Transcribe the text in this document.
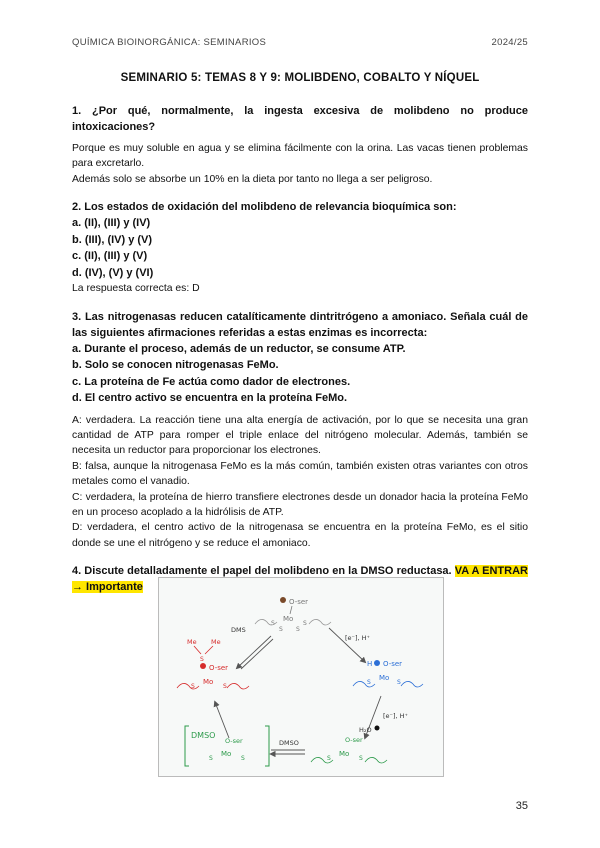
QUÍMICA BIOINORGÁNICA: SEMINARIOS	2024/25

SEMINARIO 5: TEMAS 8 Y 9: MOLIBDENO, COBALTO Y NÍQUEL

1. ¿Por qué, normalmente, la ingesta excesiva de molibdeno no produce intoxicaciones?

Porque es muy soluble en agua y se elimina fácilmente con la orina. Las vacas tienen problemas para excretarlo.

Además solo se absorbe un 10% en la dieta por tanto no llega a ser peligroso.

2. Los estados de oxidación del molibdeno de relevancia bioquímica son:

a. (II), (III) y (IV)

b. (III), (IV) y (V)

c. (II), (III) y (V)

d. (IV), (V) y (VI)

La respuesta correcta es: D

3. Las nitrogenasas reducen catalíticamente dintritrógeno a amoniaco. Señala cuál de las siguientes afirmaciones referidas a estas enzimas es incorrecta:

a. Durante el proceso, además de un reductor, se consume ATP.

b. Solo se conocen nitrogenasas FeMo.

c. La proteína de Fe actúa como dador de electrones.

d. El centro activo se encuentra en la proteína FeMo.

A: verdadera. La reacción tiene una alta energía de activación, por lo que se necesita una gran cantidad de ATP para romper el triple enlace del nitrógeno molecular. Además, también se necesita un reductor para proporcionar los electrones.

B: falsa, aunque la nitrogenasa FeMo es la más común, también existen otras variantes con otros metales como el vanadio.

C: verdadera, la proteína de hierro transfiere electrones desde un donador hacia la proteína FeMo en un proceso acoplado a la hidrólisis de ATP.

D: verdadera, el centro activo de la nitrogenasa se encuentra en la proteína FeMo, es el sitio donde se une el nitrógeno y se reduce el amoniaco.

4. Discute detalladamente el papel del molibdeno en la DMSO reductasa. VA A ENTRAR → Importante

O-ser
Mo
S	S
S S
DMS
[e⁻], H⁺
Me Me
S
O-ser
Mo
S	S
H O-ser
Mo
S	S
[e⁻], H⁺
H₂O
DMSO
O-ser
Mo
S	S
DMSO	O-ser
Mo
S	S
35
